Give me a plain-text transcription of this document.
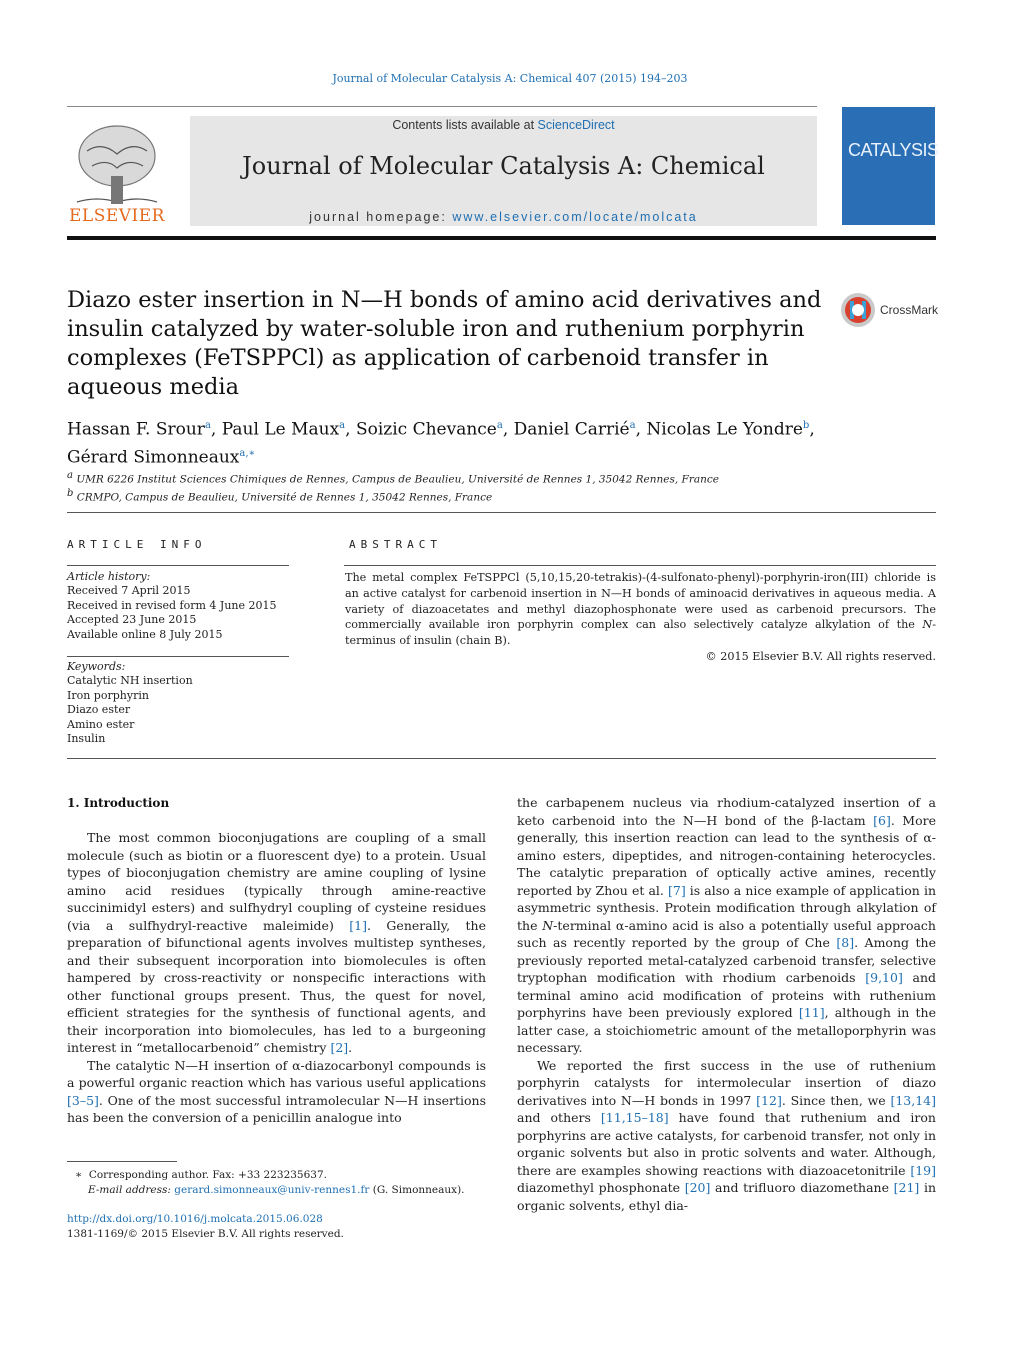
Journal of Molecular Catalysis A: Chemical 407 (2015) 194–203
ELSEVIER
Contents lists available at ScienceDirect
Journal of Molecular Catalysis A: Chemical
journal homepage: www.elsevier.com/locate/molcata
CATALYSIS
Diazo ester insertion in N—H bonds of amino acid derivatives and insulin catalyzed by water-soluble iron and ruthenium porphyrin complexes (FeTSPPCl) as application of carbenoid transfer in aqueous media
CrossMark
Hassan F. Srour$^a$, Paul Le Maux$^a$, Soizic Chevance$^a$, Daniel Carrié$^a$, Nicolas Le Yondre$^b$,
Gérard Simonneaux$^{a,∗}$
$^a$ UMR 6226 Institut Sciences Chimiques de Rennes, Campus de Beaulieu, Université de Rennes 1, 35042 Rennes, France
$^b$ CRMPO, Campus de Beaulieu, Université de Rennes 1, 35042 Rennes, France
ARTICLE INFO	ABSTRACT
Article history:
Received 7 April 2015
Received in revised form 4 June 2015
Accepted 23 June 2015
Available online 8 July 2015
Keywords:
Catalytic NH insertion
Iron porphyrin
Diazo ester
Amino ester
Insulin
The metal complex FeTSPPCl (5,10,15,20-tetrakis)-(4-sulfonato-phenyl)-porphyrin-iron(III) chloride is an active catalyst for carbenoid insertion in N—H bonds of aminoacid derivatives in aqueous media. A variety of diazoacetates and methyl diazophosphonate were used as carbenoid precursors. The commercially available iron porphyrin complex can also selectively catalyze alkylation of the N-terminus of insulin (chain B).
© 2015 Elsevier B.V. All rights reserved.
1. Introduction

The most common bioconjugations are coupling of a small molecule (such as biotin or a fluorescent dye) to a protein. Usual types of bioconjugation chemistry are amine coupling of lysine amino acid residues (typically through amine-reactive succinimidyl esters) and sulfhydryl coupling of cysteine residues (via a sulfhydryl-reactive maleimide) [1]. Generally, the preparation of bifunctional agents involves multistep syntheses, and their subsequent incorporation into biomolecules is often hampered by cross-reactivity or nonspecific interactions with other functional groups present. Thus, the quest for novel, efficient strategies for the synthesis of functional agents, and their incorporation into biomolecules, has led to a burgeoning interest in “metallocarbenoid” chemistry [2].

The catalytic N—H insertion of α-diazocarbonyl compounds is a powerful organic reaction which has various useful applications [3–5]. One of the most successful intramolecular N—H insertions has been the conversion of a penicillin analogue into

the carbapenem nucleus via rhodium-catalyzed insertion of a keto carbenoid into the N—H bond of the β-lactam [6]. More generally, this insertion reaction can lead to the synthesis of α-amino esters, dipeptides, and nitrogen-containing heterocycles. The catalytic preparation of optically active amines, recently reported by Zhou et al. [7] is also a nice example of application in asymmetric synthesis. Protein modification through alkylation of the N-terminal α-amino acid is also a potentially useful approach such as recently reported by the group of Che [8]. Among the previously reported metal-catalyzed carbenoid transfer, selective tryptophan modification with rhodium carbenoids [9,10] and terminal amino acid modification of proteins with ruthenium porphyrins have been previously explored [11], although in the latter case, a stoichiometric amount of the metalloporphyrin was necessary.

We reported the first success in the use of ruthenium porphyrin catalysts for intermolecular insertion of diazo derivatives into N—H bonds in 1997 [12]. Since then, we [13,14] and others [11,15–18] have found that ruthenium and iron porphyrins are active catalysts, for carbenoid transfer, not only in organic solvents but also in protic solvents and water. Although, there are examples showing reactions with diazoacetonitrile [19] diazomethyl phosphonate [20] and trifluoro diazomethane [21] in organic solvents, ethyl dia-

∗ Corresponding author. Fax: +33 223235637.
E-mail address: gerard.simonneaux@univ-rennes1.fr (G. Simonneaux).
http://dx.doi.org/10.1016/j.molcata.2015.06.028
1381-1169/© 2015 Elsevier B.V. All rights reserved.
